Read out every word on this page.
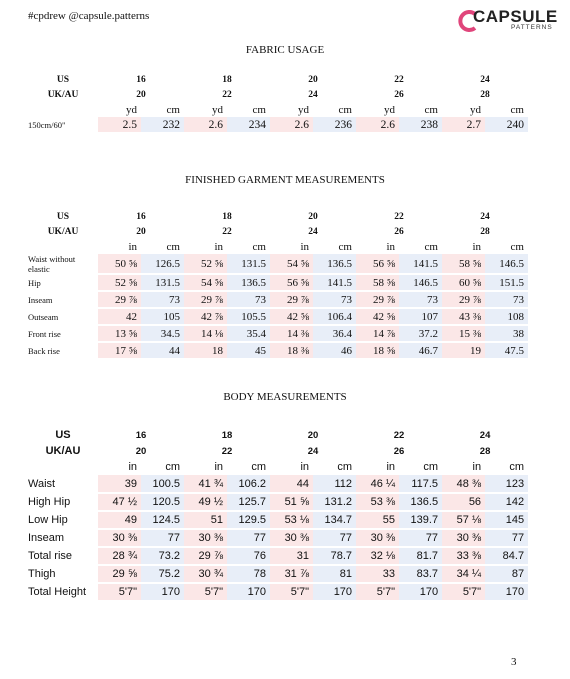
#cpdrew @capsule.patterns	CAPSULE
PATTERNS
FABRIC USAGE
US	16		18		20		22		24	
UK/AU	20		22		24		26		28	
	yd	cm	yd	cm	yd	cm	yd	cm	yd	cm
150cm/60"	2.5	232	2.6	234	2.6	236	2.6	238	2.7	240
FINISHED GARMENT MEASUREMENTS
US	16		18		20		22		24	
UK/AU	20		22		24		26		28	
	in	cm	in	cm	in	cm	in	cm	in	cm
Waist without elastic	50 ⅝	126.5	52 ⅝	131.5	54 ⅝	136.5	56 ⅝	141.5	58 ⅝	146.5
Hip	52 ⅝	131.5	54 ⅝	136.5	56 ⅝	141.5	58 ⅝	146.5	60 ⅝	151.5
Inseam	29 ⅞	73	29 ⅞	73	29 ⅞	73	29 ⅞	73	29 ⅞	73
Outseam	42	105	42 ⅞	105.5	42 ⅝	106.4	42 ⅝	107	43 ⅜	108
Front rise	13 ⅝	34.5	14 ⅛	35.4	14 ⅜	36.4	14 ⅞	37.2	15 ⅜	38
Back rise	17 ⅝	44	18	45	18 ⅜	46	18 ⅝	46.7	19	47.5
BODY MEASUREMENTS
US	16		18		20		22		24	
UK/AU	20		22		24		26		28	
	in	cm	in	cm	in	cm	in	cm	in	cm
Waist	39	100.5	41 ¾	106.2	44	112	46 ¼	117.5	48 ⅜	123
High Hip	47 ½	120.5	49 ½	125.7	51 ⅝	131.2	53 ⅜	136.5	56	142
Low Hip	49	124.5	51	129.5	53 ⅛	134.7	55	139.7	57 ⅛	145
Inseam	30 ⅜	77	30 ⅜	77	30 ⅜	77	30 ⅜	77	30 ⅜	77
Total rise	28 ¾	73.2	29 ⅞	76	31	78.7	32 ⅛	81.7	33 ⅜	84.7
Thigh	29 ⅝	75.2	30 ¾	78	31 ⅞	81	33	83.7	34 ¼	87
Total Height	5'7"	170	5'7"	170	5'7"	170	5'7"	170	5'7"	170
3
